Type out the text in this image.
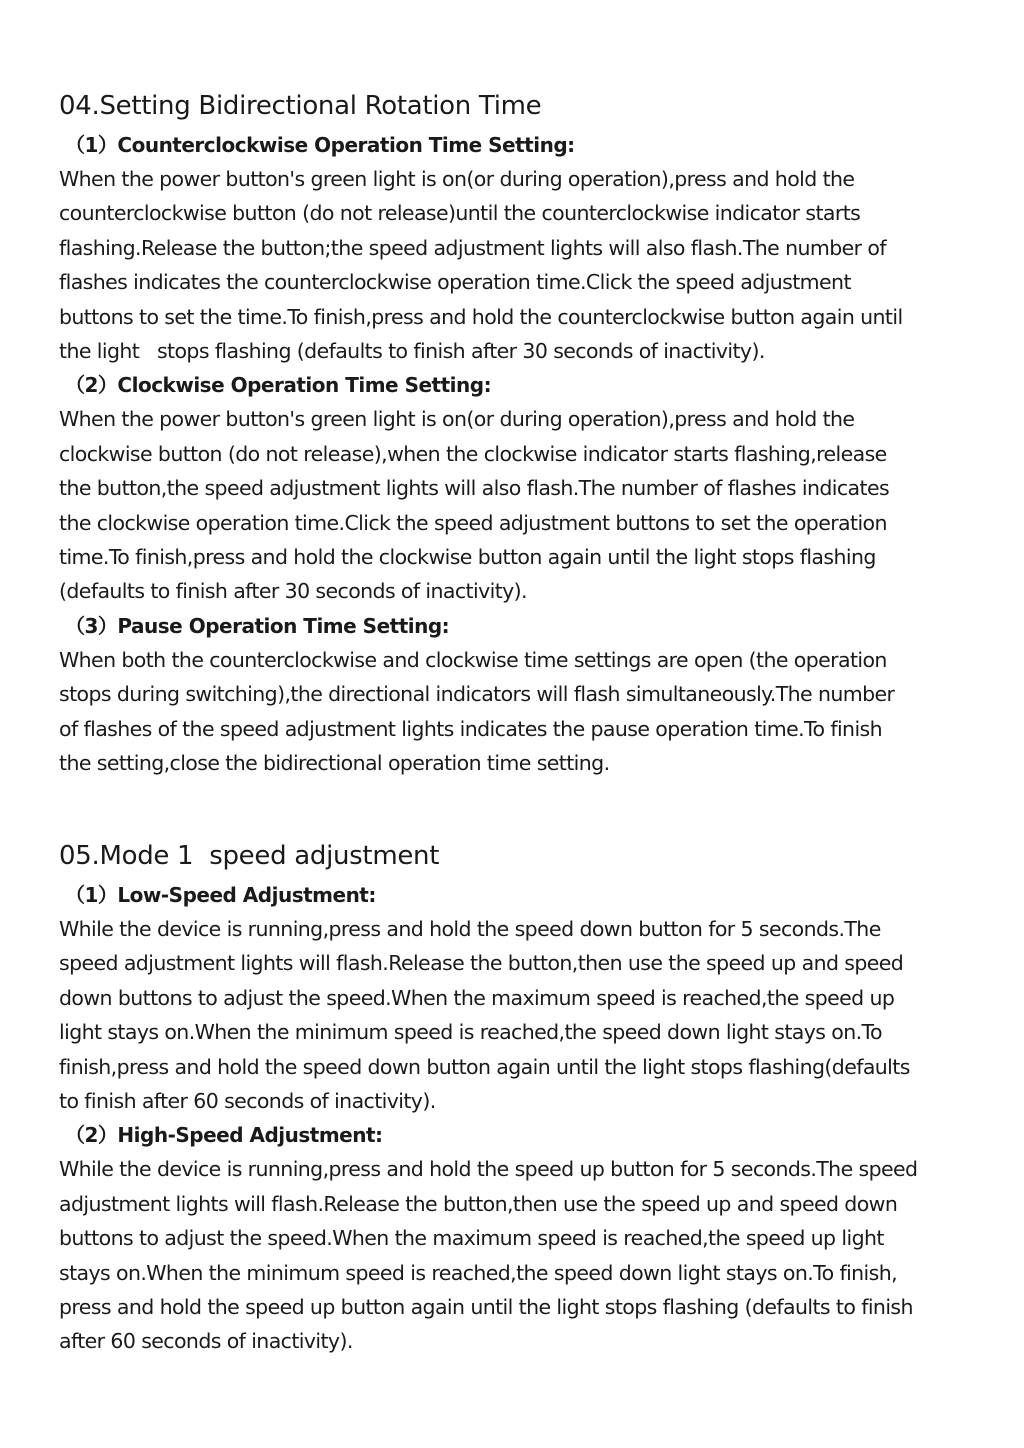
04.Setting Bidirectional Rotation Time
（1）Counterclockwise Operation Time Setting:

When the power button's green light is on(or during operation),press and hold the
counterclockwise button (do not release)until the counterclockwise indicator starts
flashing.Release the button;the speed adjustment lights will also flash.The number of
flashes indicates the counterclockwise operation time.Click the speed adjustment
buttons to set the time.To finish,press and hold the counterclockwise button again until
the light   stops flashing (defaults to finish after 30 seconds of inactivity).

（2）Clockwise Operation Time Setting:

When the power button's green light is on(or during operation),press and hold the
clockwise button (do not release),when the clockwise indicator starts flashing,release
the button,the speed adjustment lights will also flash.The number of flashes indicates
the clockwise operation time.Click the speed adjustment buttons to set the operation
time.To finish,press and hold the clockwise button again until the light stops flashing
(defaults to finish after 30 seconds of inactivity).

（3）Pause Operation Time Setting:

When both the counterclockwise and clockwise time settings are open (the operation
stops during switching),the directional indicators will flash simultaneously.The number
of flashes of the speed adjustment lights indicates the pause operation time.To finish
the setting,close the bidirectional operation time setting.

05.Mode 1  speed adjustment
（1）Low-Speed Adjustment:

While the device is running,press and hold the speed down button for 5 seconds.The
speed adjustment lights will flash.Release the button,then use the speed up and speed
down buttons to adjust the speed.When the maximum speed is reached,the speed up
light stays on.When the minimum speed is reached,the speed down light stays on.To
finish,press and hold the speed down button again until the light stops flashing(defaults
to finish after 60 seconds of inactivity).

（2）High-Speed Adjustment:

While the device is running,press and hold the speed up button for 5 seconds.The speed
adjustment lights will flash.Release the button,then use the speed up and speed down
buttons to adjust the speed.When the maximum speed is reached,the speed up light
stays on.When the minimum speed is reached,the speed down light stays on.To finish,
press and hold the speed up button again until the light stops flashing (defaults to finish
after 60 seconds of inactivity).
